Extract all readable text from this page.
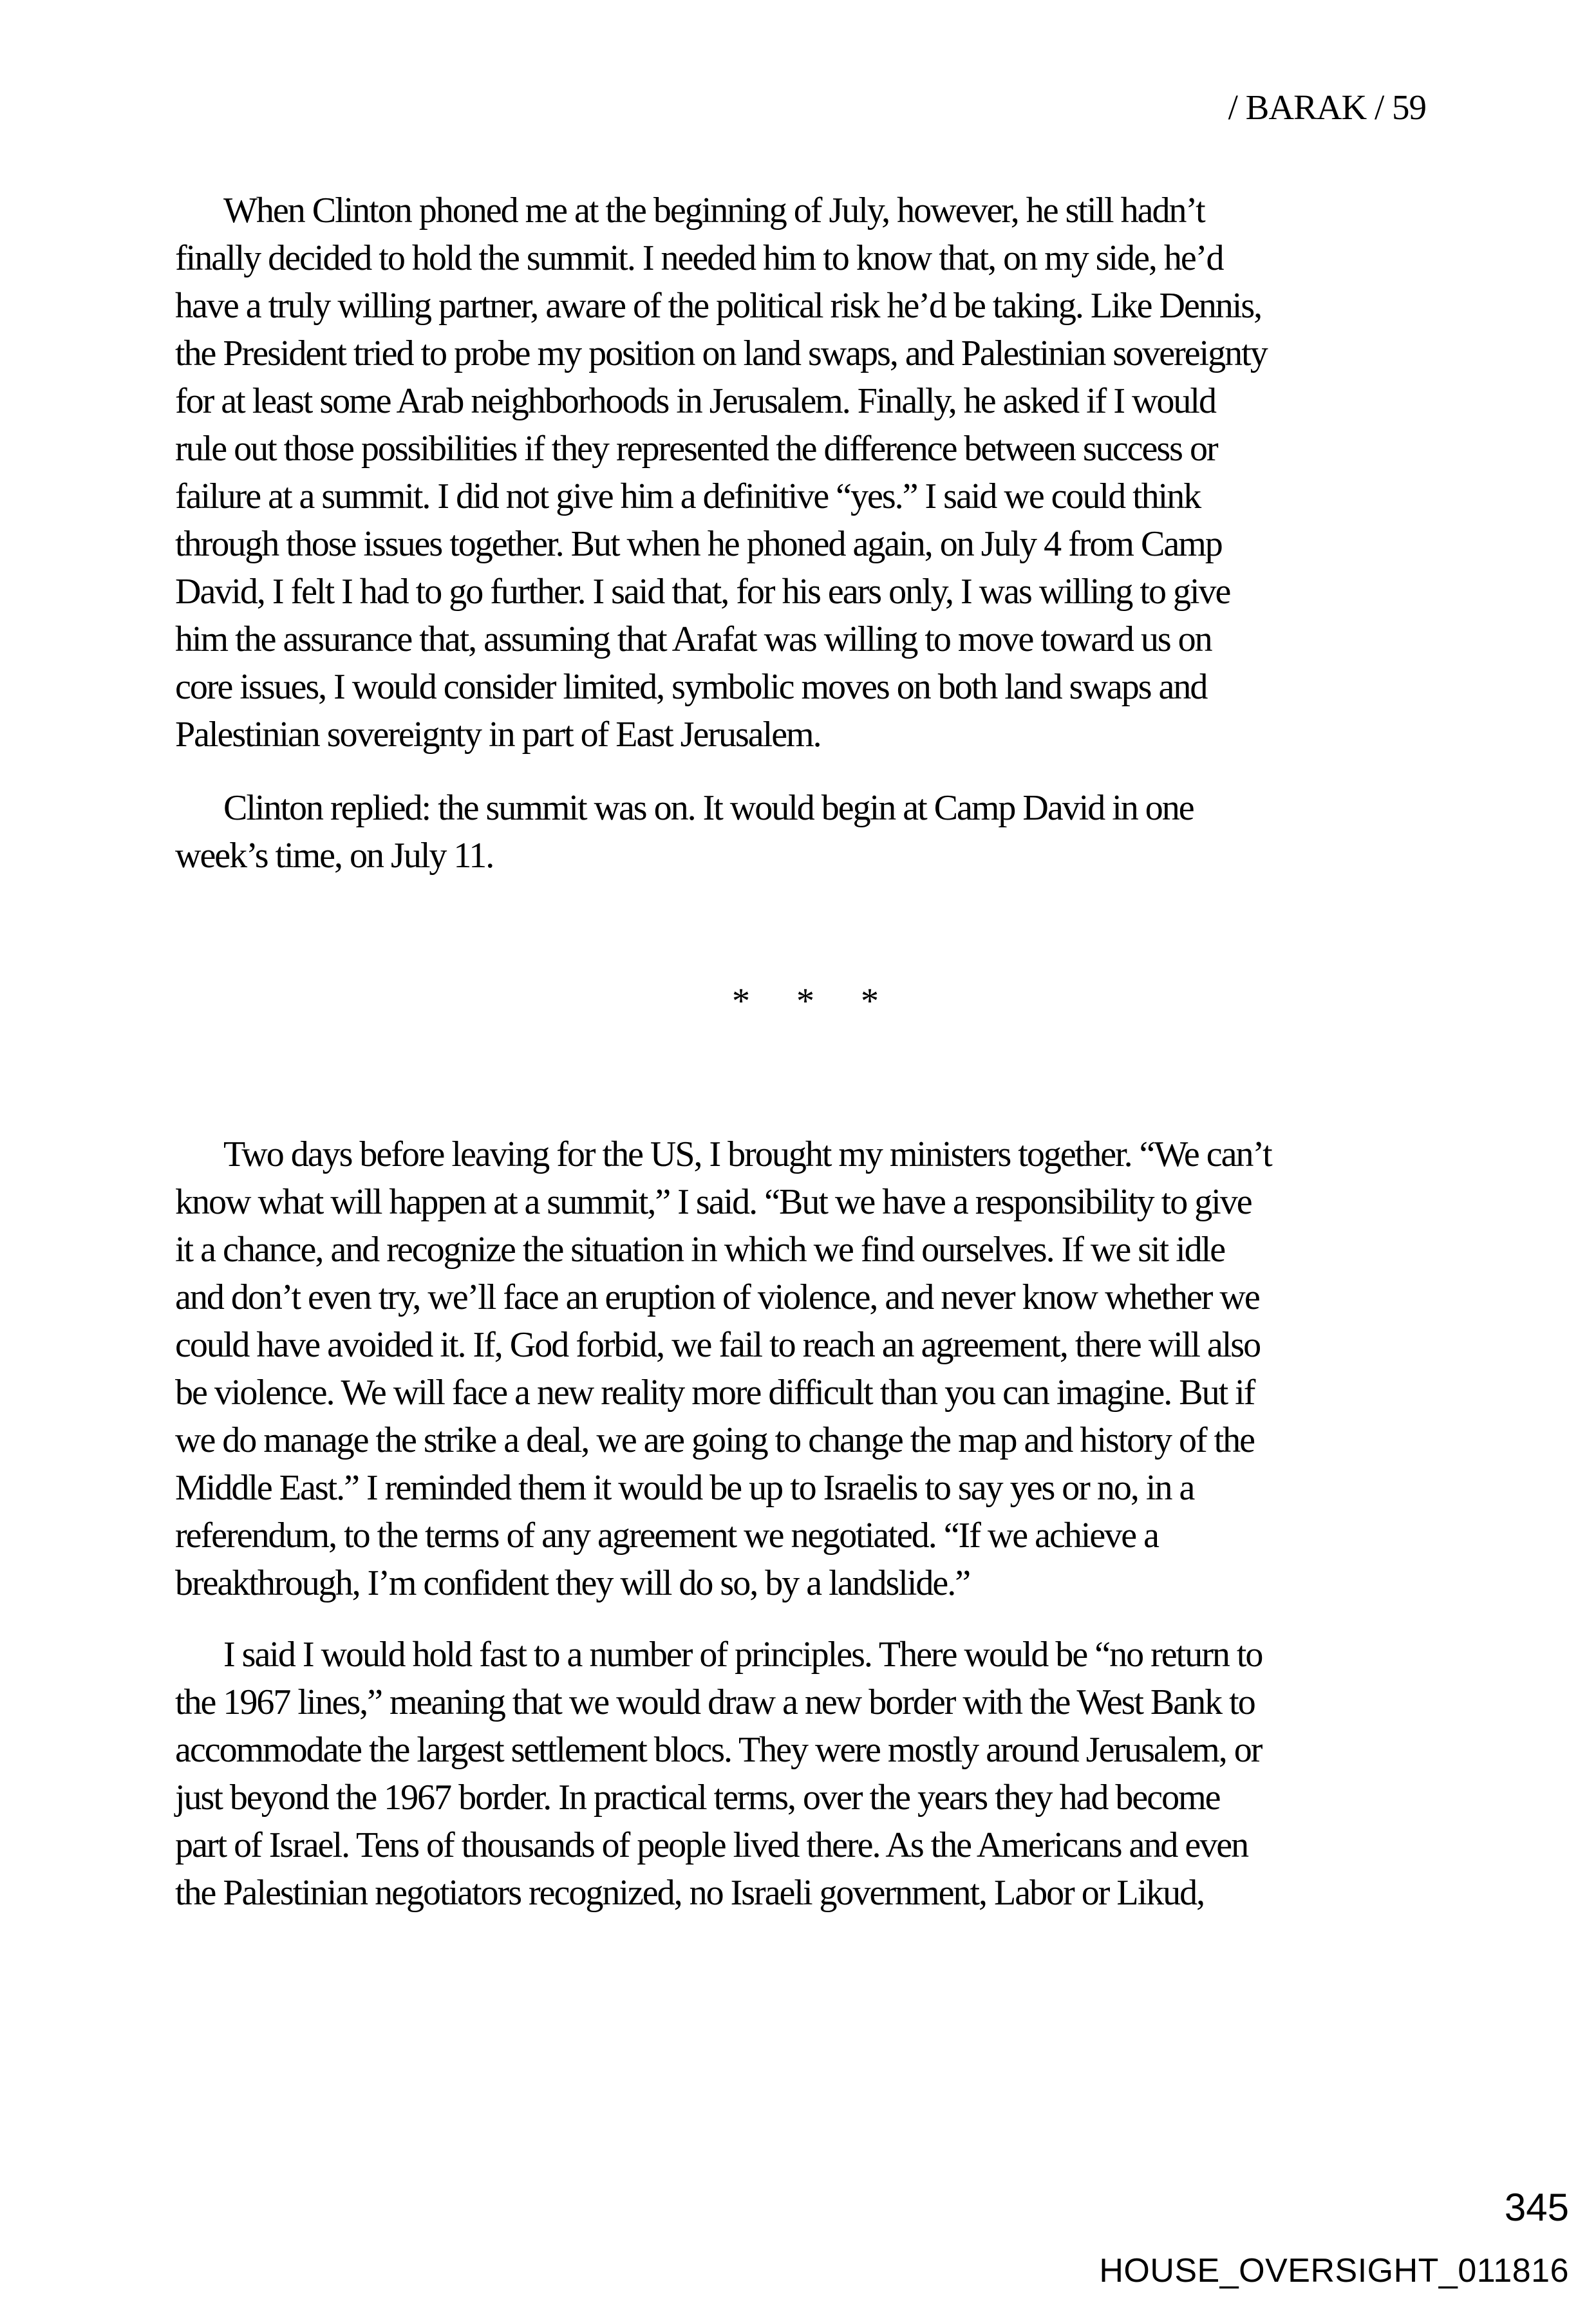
/ BARAK / 59
When Clinton phoned me at the beginning of July, however, he still hadn’t
finally decided to hold the summit. I needed him to know that, on my side, he’d
have a truly willing partner, aware of the political risk he’d be taking. Like Dennis,
the President tried to probe my position on land swaps, and Palestinian sovereignty
for at least some Arab neighborhoods in Jerusalem. Finally, he asked if I would
rule out those possibilities if they represented the difference between success or
failure at a summit. I did not give him a definitive “yes.” I said we could think
through those issues together. But when he phoned again, on July 4 from Camp
David, I felt I had to go further. I said that, for his ears only, I was willing to give
him the assurance that, assuming that Arafat was willing to move toward us on
core issues, I would consider limited, symbolic moves on both land swaps and
Palestinian sovereignty in part of East Jerusalem.
Clinton replied: the summit was on. It would begin at Camp David in one
week’s time, on July 11.
* * *
Two days before leaving for the US, I brought my ministers together. “We can’t
know what will happen at a summit,” I said. “But we have a responsibility to give
it a chance, and recognize the situation in which we find ourselves. If we sit idle
and don’t even try, we’ll face an eruption of violence, and never know whether we
could have avoided it. If, God forbid, we fail to reach an agreement, there will also
be violence. We will face a new reality more difficult than you can imagine. But if
we do manage the strike a deal, we are going to change the map and history of the
Middle East.” I reminded them it would be up to Israelis to say yes or no, in a
referendum, to the terms of any agreement we negotiated. “If we achieve a
breakthrough, I’m confident they will do so, by a landslide.”
I said I would hold fast to a number of principles. There would be “no return to
the 1967 lines,” meaning that we would draw a new border with the West Bank to
accommodate the largest settlement blocs. They were mostly around Jerusalem, or
just beyond the 1967 border. In practical terms, over the years they had become
part of Israel. Tens of thousands of people lived there. As the Americans and even
the Palestinian negotiators recognized, no Israeli government, Labor or Likud,
345
HOUSE_OVERSIGHT_011816
